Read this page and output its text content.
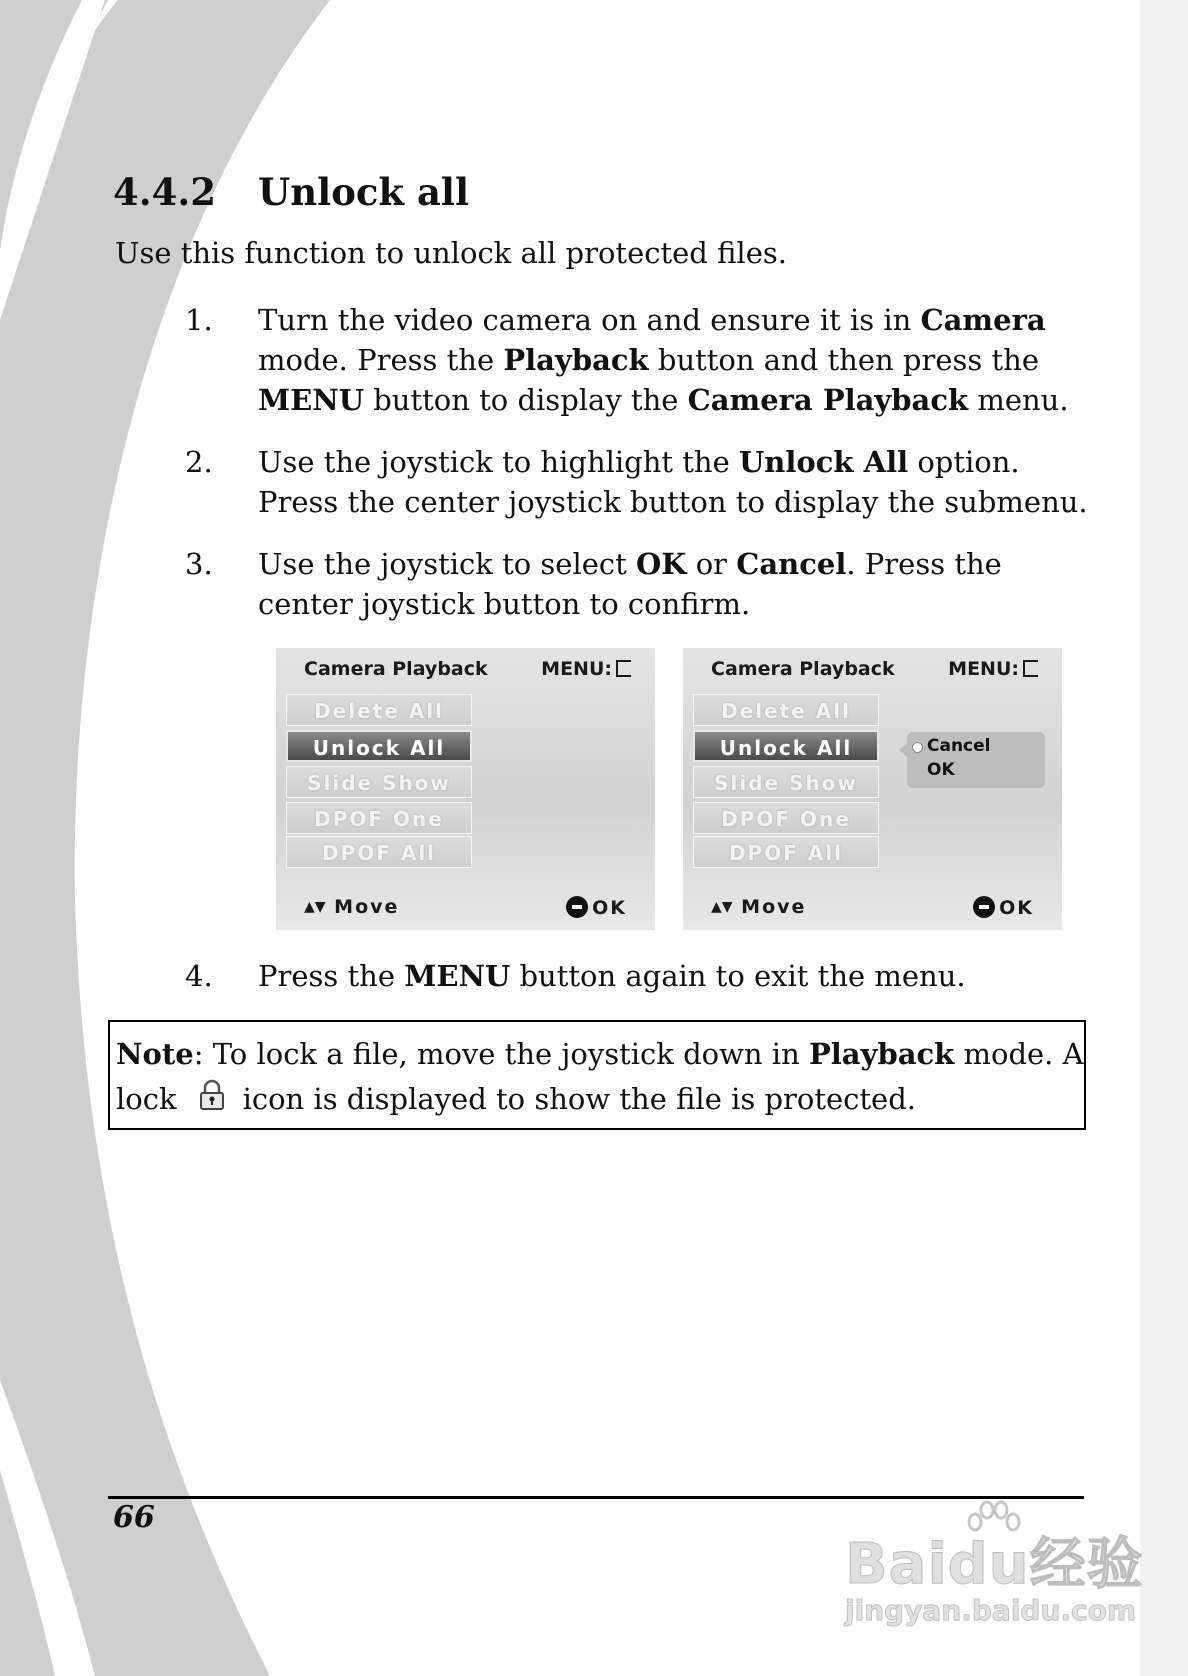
4.4.2 Unlock all
Use this function to unlock all protected files.
1. Turn the video camera on and ensure it is in Camera mode. Press the Playback button and then press the MENU button to display the Camera Playback menu.
2. Use the joystick to highlight the Unlock All option. Press the center joystick button to display the submenu.
3. Use the joystick to select OK or Cancel. Press the center joystick button to confirm.
Camera Playback	MENU:
Delete All
Unlock All
Slide Show
DPOF One
DPOF All
▲▼ Move	OK
Camera Playback	MENU:
Delete All
Unlock All
Slide Show
DPOF One
DPOF All
Cancel
OK
▲▼ Move	OK
4. Press the MENU button again to exit the menu.
Note: To lock a file, move the joystick down in Playback mode. A
lock icon is displayed to show the file is protected.
66
Baidu经验
jingyan.baidu.com
